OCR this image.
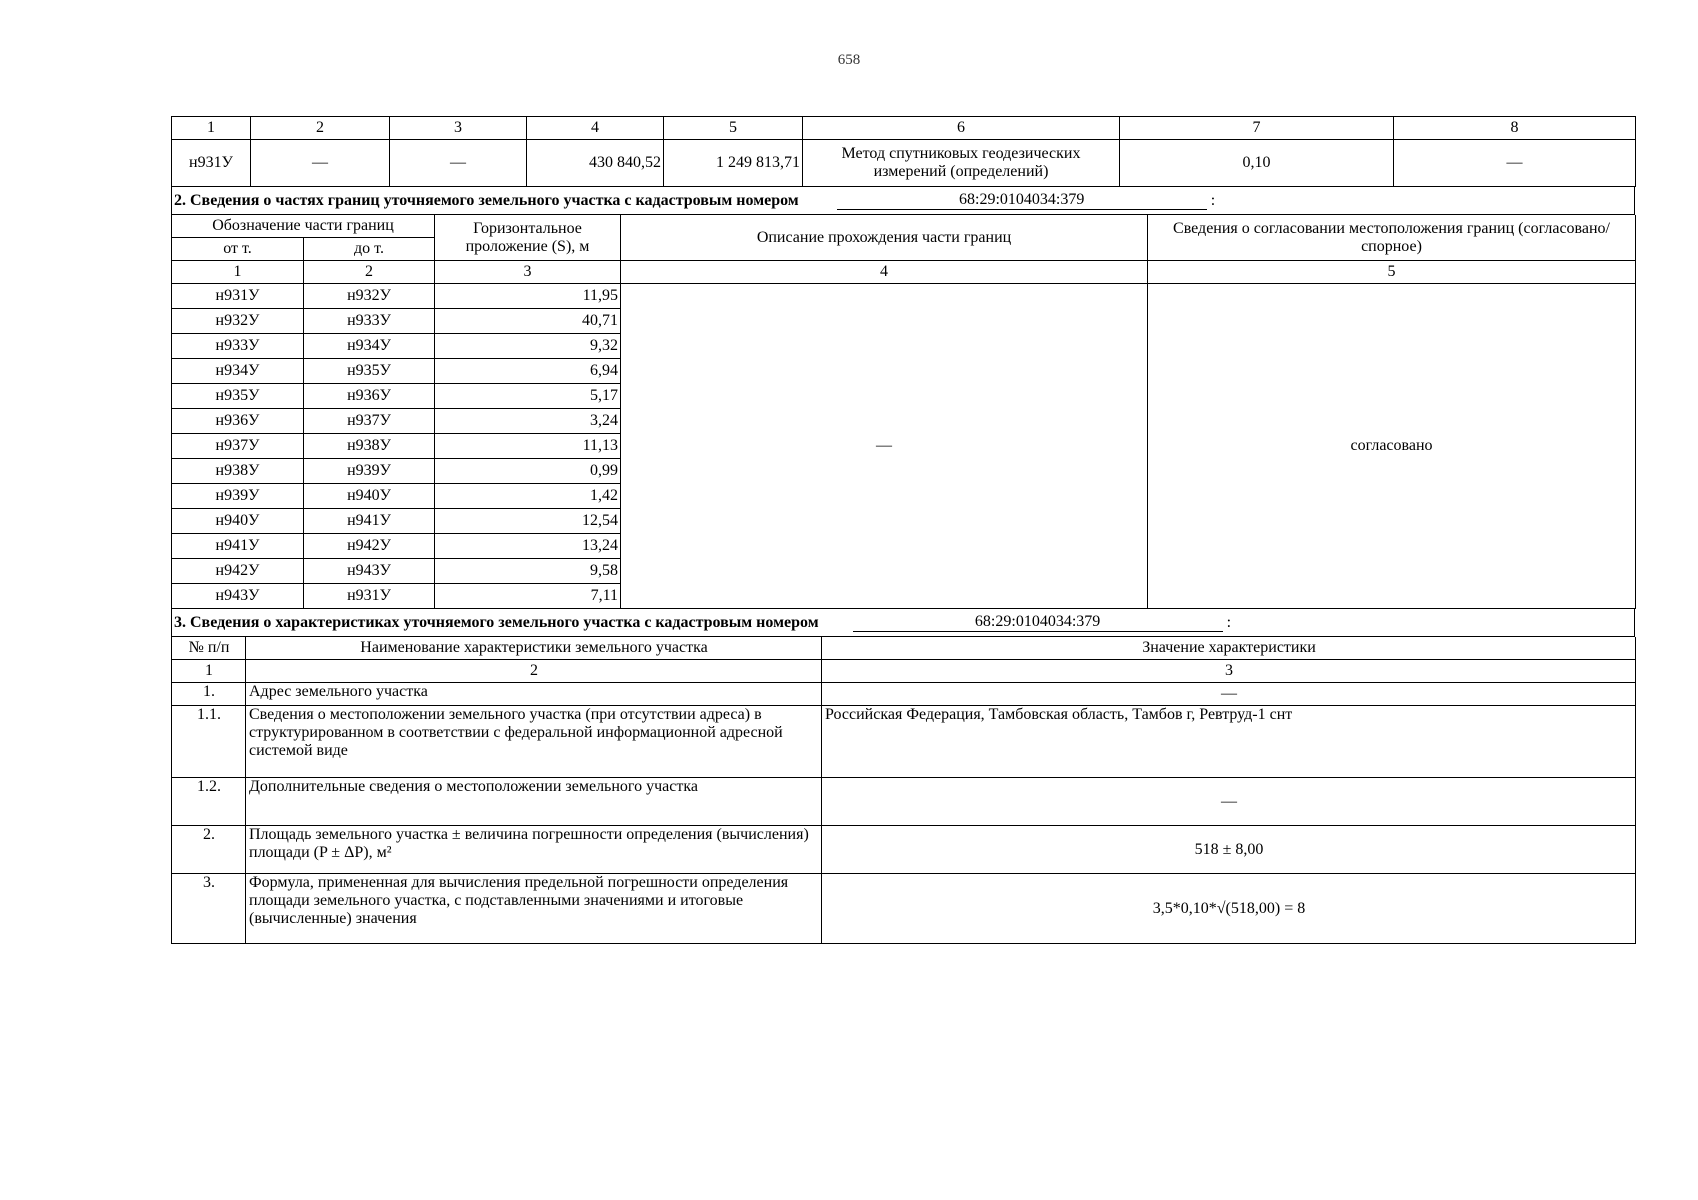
658
1	2	3	4	5	6	7	8
н931У	—	—	430 840,52	1 249 813,71	Метод спутниковых геодезических измерений (определений)	0,10	—
2. Сведения о частях границ уточняемого земельного участка с кадастровым номером	68:29:0104034:379	:
Обозначение части границ		Горизонтальное проложение (S), м	Описание прохождения части границ	Сведения о согласовании местоположения границ (согласовано/спорное)
от т.	до т.			
1	2	3	4	5
н931У	н932У	11,95	—	согласовано
н932У	н933У	40,71		
н933У	н934У	9,32		
н934У	н935У	6,94		
н935У	н936У	5,17		
н936У	н937У	3,24		
н937У	н938У	11,13		
н938У	н939У	0,99		
н939У	н940У	1,42		
н940У	н941У	12,54		
н941У	н942У	13,24		
н942У	н943У	9,58		
н943У	н931У	7,11		
3. Сведения о характеристиках уточняемого земельного участка с кадастровым номером	68:29:0104034:379	:
№ п/п	Наименование характеристики земельного участка	Значение характеристики
1	2	3
1.	Адрес земельного участка	—
1.1.	Сведения о местоположении земельного участка (при отсутствии адреса) в структурированном в соответствии с федеральной информационной адресной системой виде	Российская Федерация, Тамбовская область, Тамбов г, Ревтруд-1 снт
1.2.	Дополнительные сведения о местоположении земельного участка	—
2.	Площадь земельного участка ± величина погрешности определения (вычисления) площади (P ± ΔP), м²	518 ± 8,00
3.	Формула, примененная для вычисления предельной погрешности определения площади земельного участка, с подставленными значениями и итоговые (вычисленные) значения	3,5*0,10*√(518,00) = 8
